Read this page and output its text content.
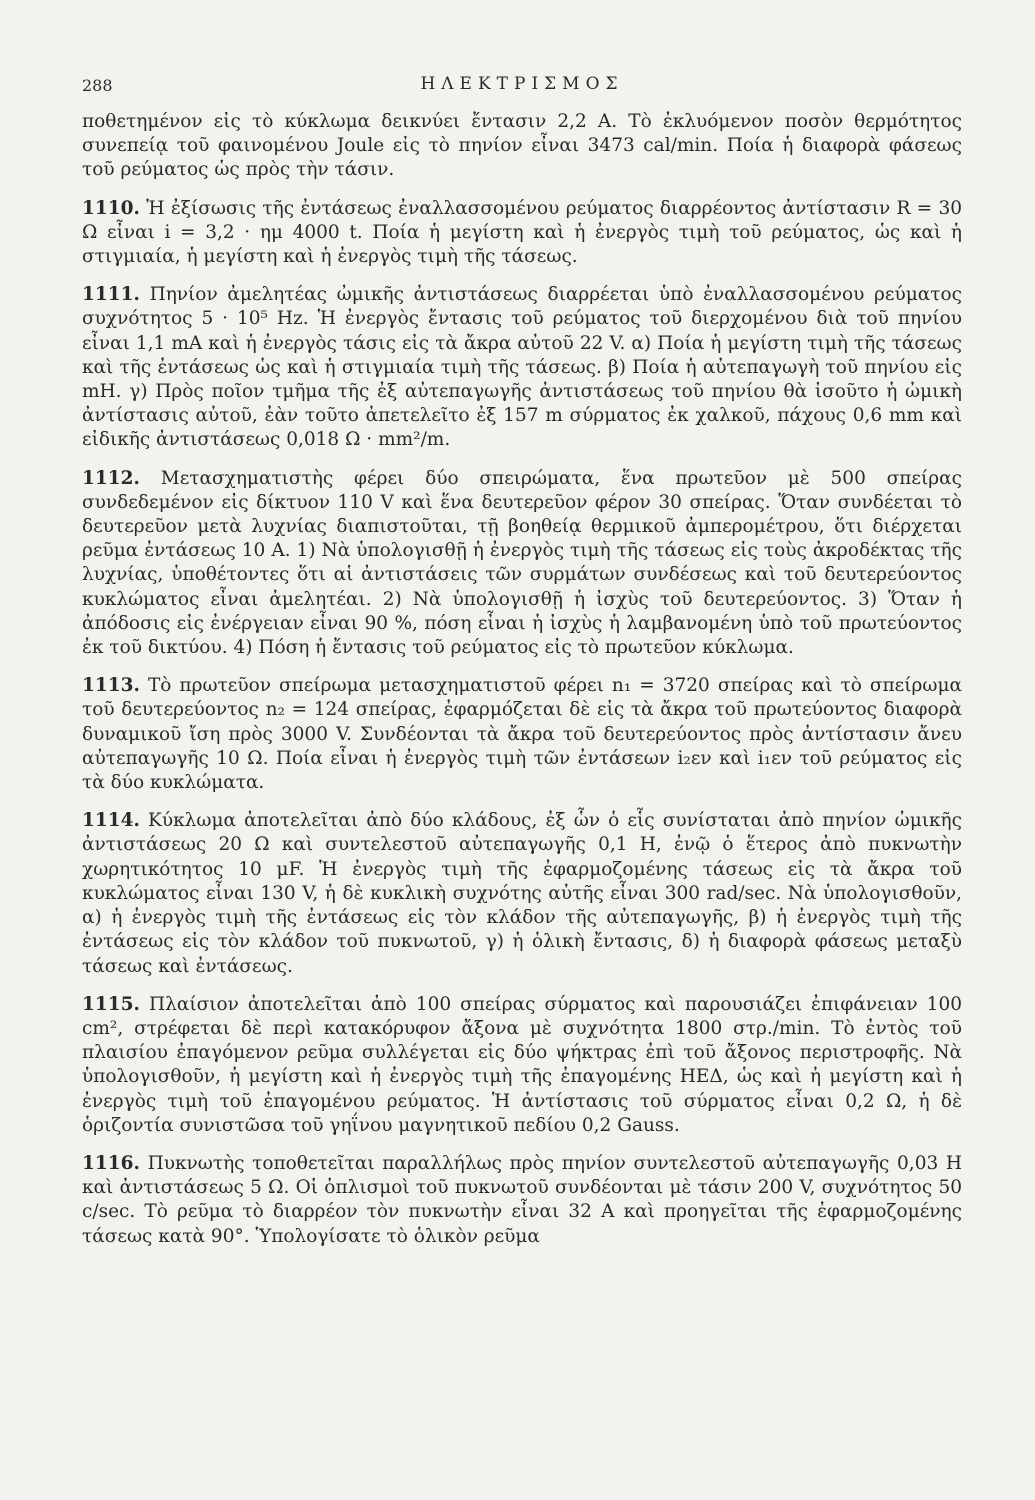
288	ΗΛΕΚΤΡΙΣΜΟΣ

ποθετημένον εἰς τὸ κύκλωμα δεικνύει ἔντασιν 2,2 A. Τὸ ἐκλυόμενον ποσὸν θερμότητος συνεπείᾳ τοῦ φαινομένου Joule εἰς τὸ πηνίον εἶναι 3473 cal/min. Ποία ἡ διαφορὰ φάσεως τοῦ ρεύματος ὡς πρὸς τὴν τάσιν.

1110. Ἡ ἐξίσωσις τῆς ἐντάσεως ἐναλλασσομένου ρεύματος διαρρέοντος ἀντίστασιν R = 30 Ω εἶναι i = 3,2 · ημ 4000 t. Ποία ἡ μεγίστη καὶ ἡ ἐνεργὸς τιμὴ τοῦ ρεύματος, ὡς καὶ ἡ στιγμιαία, ἡ μεγίστη καὶ ἡ ἐνεργὸς τιμὴ τῆς τάσεως.

1111. Πηνίον ἀμελητέας ὠμικῆς ἀντιστάσεως διαρρέεται ὑπὸ ἐναλλασσομένου ρεύματος συχνότητος 5 · 10⁵ Hz. Ἡ ἐνεργὸς ἔντασις τοῦ ρεύματος τοῦ διερχομένου διὰ τοῦ πηνίου εἶναι 1,1 mA καὶ ἡ ἐνεργὸς τάσις εἰς τὰ ἄκρα αὐτοῦ 22 V. α) Ποία ἡ μεγίστη τιμὴ τῆς τάσεως καὶ τῆς ἐντάσεως ὡς καὶ ἡ στιγμιαία τιμὴ τῆς τάσεως. β) Ποία ἡ αὐτεπαγωγὴ τοῦ πηνίου εἰς mH. γ) Πρὸς ποῖον τμῆμα τῆς ἐξ αὐτεπαγωγῆς ἀντιστάσεως τοῦ πηνίου θὰ ἰσοῦτο ἡ ὠμικὴ ἀντίστασις αὐτοῦ, ἐὰν τοῦτο ἀπετελεῖτο ἐξ 157 m σύρματος ἐκ χαλκοῦ, πάχους 0,6 mm καὶ εἰδικῆς ἀντιστάσεως 0,018 Ω · mm²/m.

1112. Μετασχηματιστὴς φέρει δύο σπειρώματα, ἕνα πρωτεῦον μὲ 500 σπείρας συνδεδεμένον εἰς δίκτυον 110 V καὶ ἕνα δευτερεῦον φέρον 30 σπείρας. Ὅταν συνδέεται τὸ δευτερεῦον μετὰ λυχνίας διαπιστοῦται, τῇ βοηθείᾳ θερμικοῦ ἀμπερομέτρου, ὅτι διέρχεται ρεῦμα ἐντάσεως 10 A. 1) Νὰ ὑπολογισθῇ ἡ ἐνεργὸς τιμὴ τῆς τάσεως εἰς τοὺς ἀκροδέκτας τῆς λυχνίας, ὑποθέτοντες ὅτι αἱ ἀντιστάσεις τῶν συρμάτων συνδέσεως καὶ τοῦ δευτερεύοντος κυκλώματος εἶναι ἀμελητέαι. 2) Νὰ ὑπολογισθῇ ἡ ἰσχὺς τοῦ δευτερεύοντος. 3) Ὅταν ἡ ἀπόδοσις εἰς ἐνέργειαν εἶναι 90 %, πόση εἶναι ἡ ἰσχὺς ἡ λαμβανομένη ὑπὸ τοῦ πρωτεύοντος ἐκ τοῦ δικτύου. 4) Πόση ἡ ἔντασις τοῦ ρεύματος εἰς τὸ πρωτεῦον κύκλωμα.

1113. Τὸ πρωτεῦον σπείρωμα μετασχηματιστοῦ φέρει n₁ = 3720 σπείρας καὶ τὸ σπείρωμα τοῦ δευτερεύοντος n₂ = 124 σπείρας, ἐφαρμόζεται δὲ εἰς τὰ ἄκρα τοῦ πρωτεύοντος διαφορὰ δυναμικοῦ ἴση πρὸς 3000 V. Συνδέονται τὰ ἄκρα τοῦ δευτερεύοντος πρὸς ἀντίστασιν ἄνευ αὐτεπαγωγῆς 10 Ω. Ποία εἶναι ἡ ἐνεργὸς τιμὴ τῶν ἐντάσεων i₂εν καὶ i₁εν τοῦ ρεύματος εἰς τὰ δύο κυκλώματα.

1114. Κύκλωμα ἀποτελεῖται ἀπὸ δύο κλάδους, ἐξ ὧν ὁ εἷς συνίσταται ἀπὸ πηνίον ὠμικῆς ἀντιστάσεως 20 Ω καὶ συντελεστοῦ αὐτεπαγωγῆς 0,1 H, ἐνῷ ὁ ἕτερος ἀπὸ πυκνωτὴν χωρητικότητος 10 μF. Ἡ ἐνεργὸς τιμὴ τῆς ἐφαρμοζομένης τάσεως εἰς τὰ ἄκρα τοῦ κυκλώματος εἶναι 130 V, ἡ δὲ κυκλικὴ συχνότης αὐτῆς εἶναι 300 rad/sec. Νὰ ὑπολογισθοῦν, α) ἡ ἐνεργὸς τιμὴ τῆς ἐντάσεως εἰς τὸν κλάδον τῆς αὐτεπαγωγῆς, β) ἡ ἐνεργὸς τιμὴ τῆς ἐντάσεως εἰς τὸν κλάδον τοῦ πυκνωτοῦ, γ) ἡ ὁλικὴ ἔντασις, δ) ἡ διαφορὰ φάσεως μεταξὺ τάσεως καὶ ἐντάσεως.

1115. Πλαίσιον ἀποτελεῖται ἀπὸ 100 σπείρας σύρματος καὶ παρουσιάζει ἐπιφάνειαν 100 cm², στρέφεται δὲ περὶ κατακόρυφον ἄξονα μὲ συχνότητα 1800 στρ./min. Τὸ ἐντὸς τοῦ πλαισίου ἐπαγόμενον ρεῦμα συλλέγεται εἰς δύο ψήκτρας ἐπὶ τοῦ ἄξονος περιστροφῆς. Νὰ ὑπολογισθοῦν, ἡ μεγίστη καὶ ἡ ἐνεργὸς τιμὴ τῆς ἐπαγομένης ΗΕΔ, ὡς καὶ ἡ μεγίστη καὶ ἡ ἐνεργὸς τιμὴ τοῦ ἐπαγομένου ρεύματος. Ἡ ἀντίστασις τοῦ σύρματος εἶναι 0,2 Ω, ἡ δὲ ὁριζοντία συνιστῶσα τοῦ γηΐνου μαγνητικοῦ πεδίου 0,2 Gauss.

1116. Πυκνωτὴς τοποθετεῖται παραλλήλως πρὸς πηνίον συντελεστοῦ αὐτεπαγωγῆς 0,03 H καὶ ἀντιστάσεως 5 Ω. Οἱ ὁπλισμοὶ τοῦ πυκνωτοῦ συνδέονται μὲ τάσιν 200 V, συχνότητος 50 c/sec. Τὸ ρεῦμα τὸ διαρρέον τὸν πυκνωτὴν εἶναι 32 A καὶ προηγεῖται τῆς ἐφαρμοζομένης τάσεως κατὰ 90°. Ὑπολογίσατε τὸ ὁλικὸν ρεῦμα
